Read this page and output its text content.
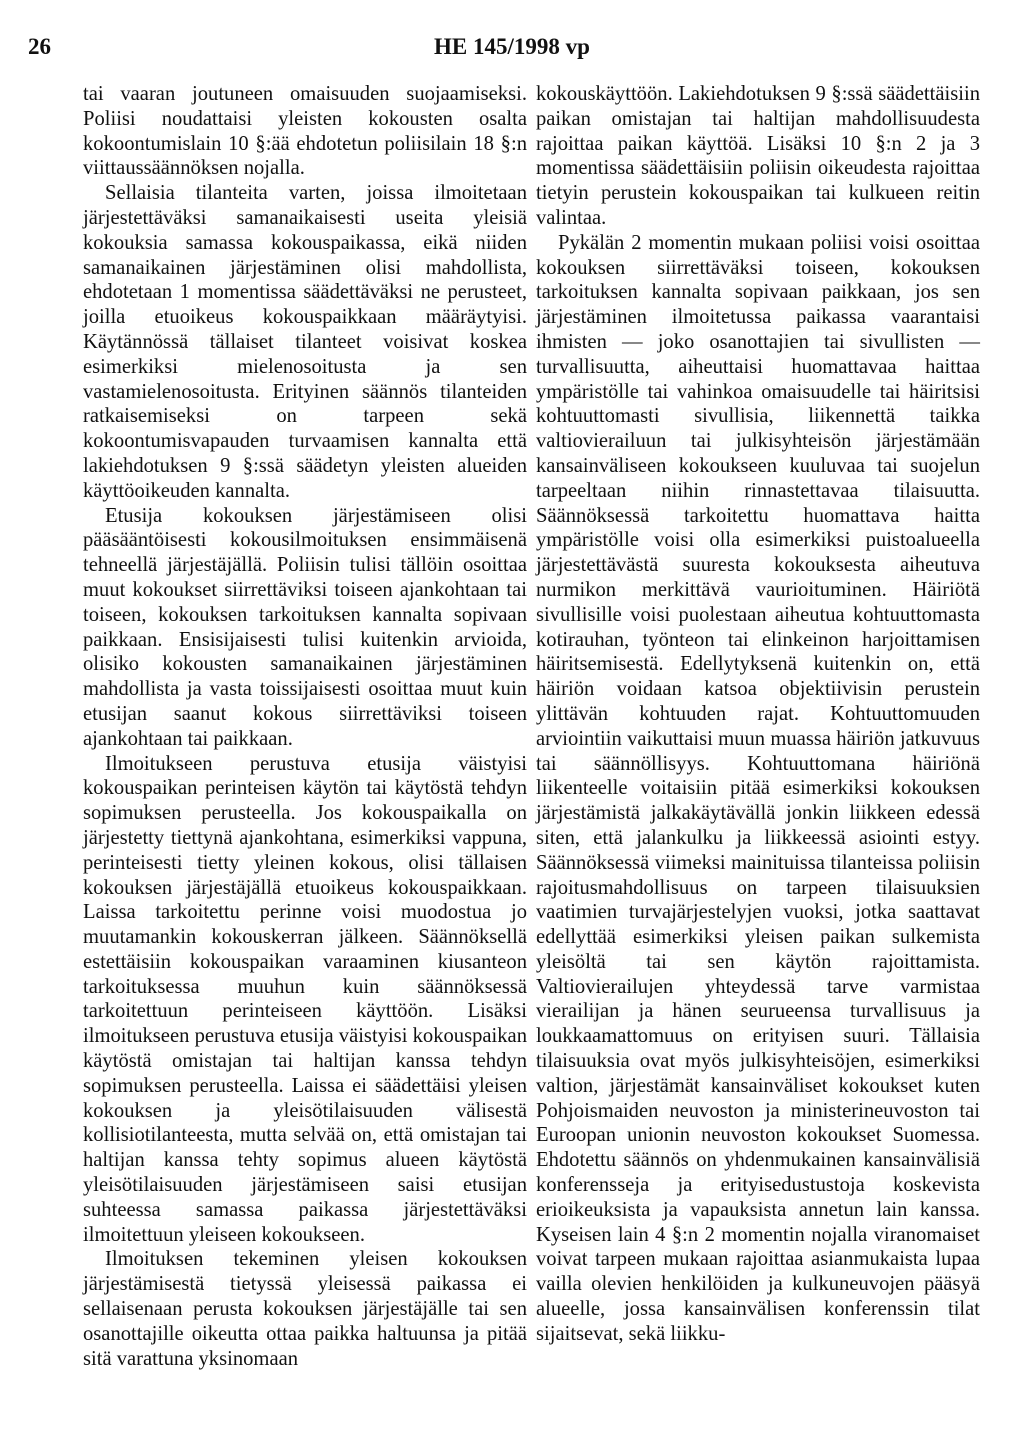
26	HE 145/1998 vp

tai vaaran joutuneen omaisuuden suojaamiseksi. Poliisi noudattaisi yleisten kokousten osalta kokoontumislain 10 §:ää ehdotetun poliisilain 18 §:n viittaussäännöksen nojalla.

Sellaisia tilanteita varten, joissa ilmoitetaan järjestettäväksi samanaikaisesti useita yleisiä kokouksia samassa kokouspaikassa, eikä niiden samanaikainen järjestäminen olisi mahdollista, ehdotetaan 1 momentissa säädettäväksi ne perusteet, joilla etuoikeus kokouspaikkaan määräytyisi. Käytännössä tällaiset tilanteet voisivat koskea esimerkiksi mielenosoitusta ja sen vastamielenosoitusta. Erityinen säännös tilanteiden ratkaisemiseksi on tarpeen sekä kokoontumisvapauden turvaamisen kannalta että lakiehdotuksen 9 §:ssä säädetyn yleisten alueiden käyttöoikeuden kannalta.

Etusija kokouksen järjestämiseen olisi pääsääntöisesti kokousilmoituksen ensimmäisenä tehneellä järjestäjällä. Poliisin tulisi tällöin osoittaa muut kokoukset siirrettäviksi toiseen ajankohtaan tai toiseen, kokouksen tarkoituksen kannalta sopivaan paikkaan. Ensisijaisesti tulisi kuitenkin arvioida, olisiko kokousten samanaikainen järjestäminen mahdollista ja vasta toissijaisesti osoittaa muut kuin etusijan saanut kokous siirrettäviksi toiseen ajankohtaan tai paikkaan.

Ilmoitukseen perustuva etusija väistyisi kokouspaikan perinteisen käytön tai käytöstä tehdyn sopimuksen perusteella. Jos kokouspaikalla on järjestetty tiettynä ajankohtana, esimerkiksi vappuna, perinteisesti tietty yleinen kokous, olisi tällaisen kokouksen järjestäjällä etuoikeus kokouspaikkaan. Laissa tarkoitettu perinne voisi muodostua jo muutamankin kokouskerran jälkeen. Säännöksellä estettäisiin kokouspaikan varaaminen kiusanteon tarkoituksessa muuhun kuin säännöksessä tarkoitettuun perinteiseen käyttöön. Lisäksi ilmoitukseen perustuva etusija väistyisi kokouspaikan käytöstä omistajan tai haltijan kanssa tehdyn sopimuksen perusteella. Laissa ei säädettäisi yleisen kokouksen ja yleisötilaisuuden välisestä kollisiotilanteesta, mutta selvää on, että omistajan tai haltijan kanssa tehty sopimus alueen käytöstä yleisötilaisuuden järjestämiseen saisi etusijan suhteessa samassa paikassa järjestettäväksi ilmoitettuun yleiseen kokoukseen.

Ilmoituksen tekeminen yleisen kokouksen järjestämisestä tietyssä yleisessä paikassa ei sellaisenaan perusta kokouksen järjestäjälle tai sen osanottajille oikeutta ottaa paikka haltuunsa ja pitää sitä varattuna yksinomaan

kokouskäyttöön. Lakiehdotuksen 9 §:ssä säädettäisiin paikan omistajan tai haltijan mahdollisuudesta rajoittaa paikan käyttöä. Lisäksi 10 §:n 2 ja 3 momentissa säädettäisiin poliisin oikeudesta rajoittaa tietyin perustein kokouspaikan tai kulkueen reitin valintaa.

Pykälän 2 momentin mukaan poliisi voisi osoittaa kokouksen siirrettäväksi toiseen, kokouksen tarkoituksen kannalta sopivaan paikkaan, jos sen järjestäminen ilmoitetussa paikassa vaarantaisi ihmisten — joko osanottajien tai sivullisten — turvallisuutta, aiheuttaisi huomattavaa haittaa ympäristölle tai vahinkoa omaisuudelle tai häiritsisi kohtuuttomasti sivullisia, liikennettä taikka valtiovierailuun tai julkisyhteisön järjestämään kansainväliseen kokoukseen kuuluvaa tai suojelun tarpeeltaan niihin rinnastettavaa tilaisuutta. Säännöksessä tarkoitettu huomattava haitta ympäristölle voisi olla esimerkiksi puistoalueella järjestettävästä suuresta kokouksesta aiheutuva nurmikon merkittävä vaurioituminen. Häiriötä sivullisille voisi puolestaan aiheutua kohtuuttomasta kotirauhan, työnteon tai elinkeinon harjoittamisen häiritsemisestä. Edellytyksenä kuitenkin on, että häiriön voidaan katsoa objektiivisin perustein ylittävän kohtuuden rajat. Kohtuuttomuuden arviointiin vaikuttaisi muun muassa häiriön jatkuvuus tai säännöllisyys. Kohtuuttomana häiriönä liikenteelle voitaisiin pitää esimerkiksi kokouksen järjestämistä jalkakäytävällä jonkin liikkeen edessä siten, että jalankulku ja liikkeessä asiointi estyy. Säännöksessä viimeksi mainituissa tilanteissa poliisin rajoitusmahdollisuus on tarpeen tilaisuuksien vaatimien turvajärjestelyjen vuoksi, jotka saattavat edellyttää esimerkiksi yleisen paikan sulkemista yleisöltä tai sen käytön rajoittamista. Valtiovierailujen yhteydessä tarve varmistaa vierailijan ja hänen seurueensa turvallisuus ja loukkaamattomuus on erityisen suuri. Tällaisia tilaisuuksia ovat myös julkisyhteisöjen, esimerkiksi valtion, järjestämät kansainväliset kokoukset kuten Pohjoismaiden neuvoston ja ministerineuvoston tai Euroopan unionin neuvoston kokoukset Suomessa. Ehdotettu säännös on yhdenmukainen kansainvälisiä konferensseja ja erityisedustustoja koskevista erioikeuksista ja vapauksista annetun lain kanssa. Kyseisen lain 4 §:n 2 momentin nojalla viranomaiset voivat tarpeen mukaan rajoittaa asianmukaista lupaa vailla olevien henkilöiden ja kulkuneuvojen pääsyä alueelle, jossa kansainvälisen konferenssin tilat sijaitsevat, sekä liikku-
